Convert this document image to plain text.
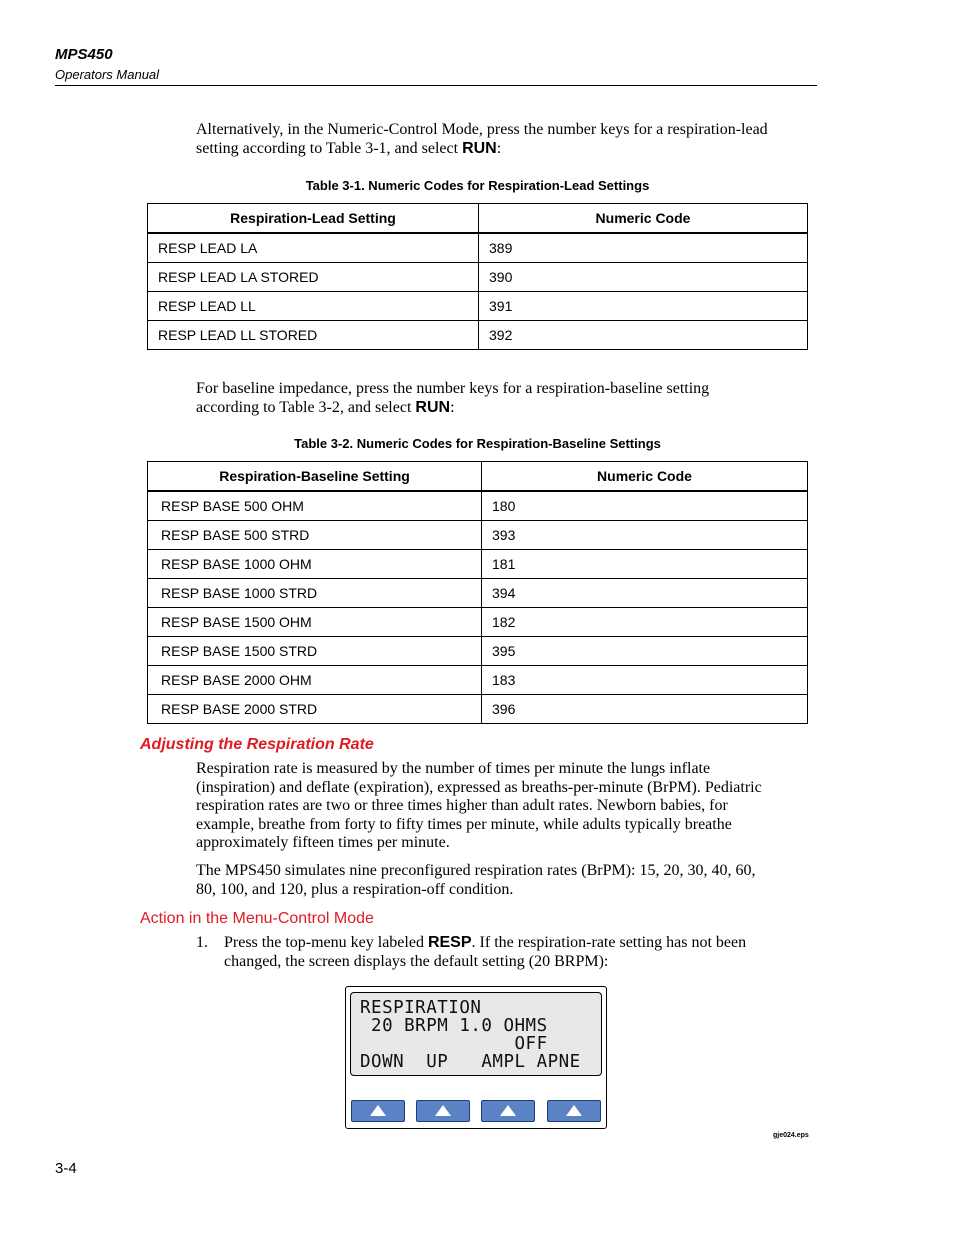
MPS450
Operators Manual
Alternatively, in the Numeric-Control Mode, press the number keys for a respiration-lead
setting according to Table 3-1, and select RUN:
Table 3-1. Numeric Codes for Respiration-Lead Settings
Respiration-Lead Setting	Numeric Code
RESP LEAD LA	389
RESP LEAD LA STORED	390
RESP LEAD LL	391
RESP LEAD LL STORED	392
For baseline impedance, press the number keys for a respiration-baseline setting
according to Table 3-2, and select RUN:
Table 3-2. Numeric Codes for Respiration-Baseline Settings
Respiration-Baseline Setting	Numeric Code
RESP BASE 500 OHM	180
RESP BASE 500 STRD	393
RESP BASE 1000 OHM	181
RESP BASE 1000 STRD	394
RESP BASE 1500 OHM	182
RESP BASE 1500 STRD	395
RESP BASE 2000 OHM	183
RESP BASE 2000 STRD	396
Adjusting the Respiration Rate
Respiration rate is measured by the number of times per minute the lungs inflate
(inspiration) and deflate (expiration), expressed as breaths-per-minute (BrPM). Pediatric
respiration rates are two or three times higher than adult rates. Newborn babies, for
example, breathe from forty to fifty times per minute, while adults typically breathe
approximately fifteen times per minute.
The MPS450 simulates nine preconfigured respiration rates (BrPM): 15, 20, 30, 40, 60,
80, 100, and 120, plus a respiration-off condition.
Action in the Menu-Control Mode
1. Press the top-menu key labeled RESP. If the respiration-rate setting has not been
changed, the screen displays the default setting (20 BRPM):
RESPIRATION
20 BRPM 1.0 OHMS
OFF
DOWN  UP   AMPL APNE
gje024.eps
3-4
